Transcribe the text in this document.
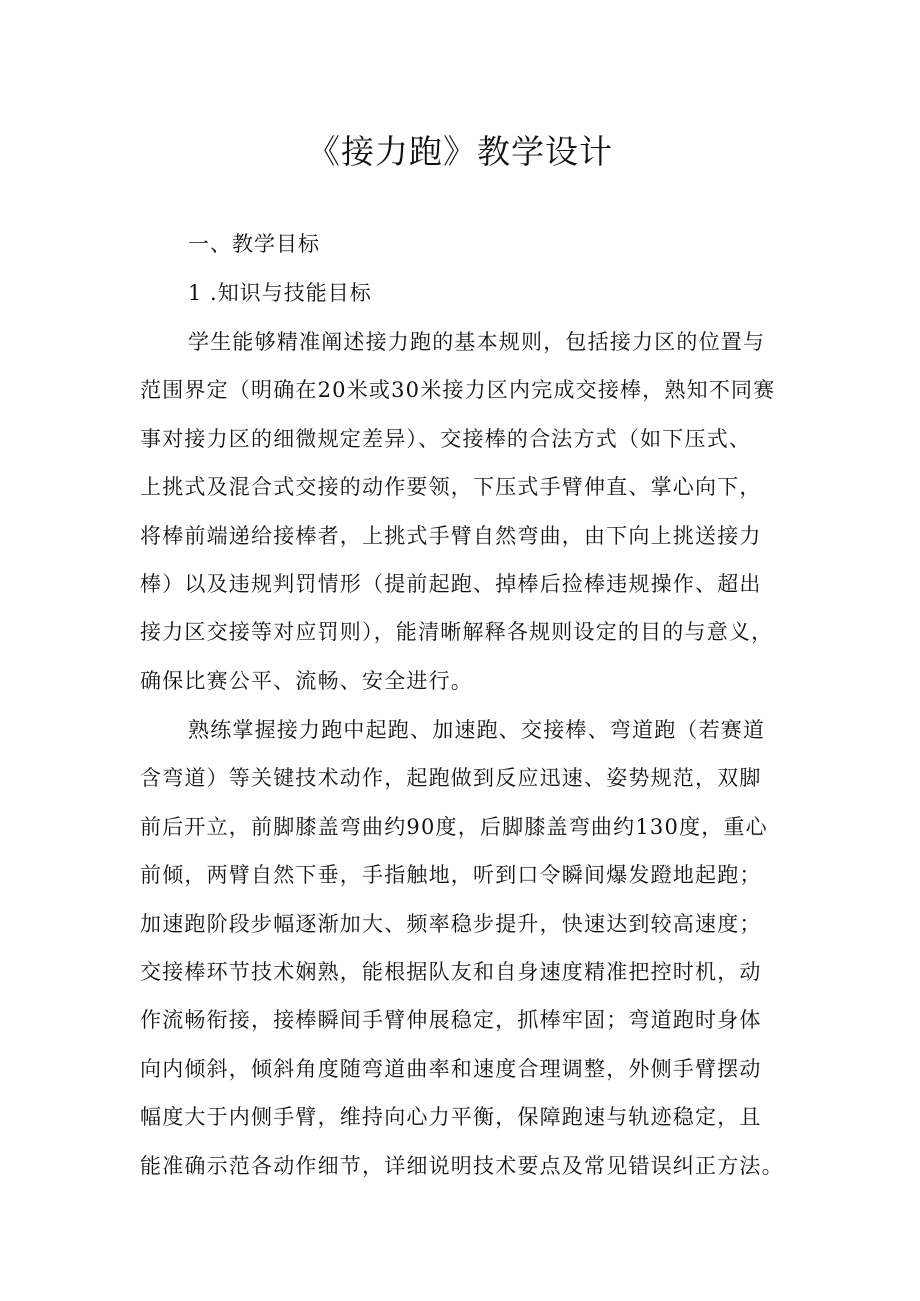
《接力跑》教学设计
一、教学目标
1 .知识与技能目标
学生能够精准阐述接力跑的基本规则，包括接力区的位置与
范围界定（明确在20米或30米接力区内完成交接棒，熟知不同赛
事对接力区的细微规定差异）、交接棒的合法方式（如下压式、
上挑式及混合式交接的动作要领，下压式手臂伸直、掌心向下，
将棒前端递给接棒者，上挑式手臂自然弯曲，由下向上挑送接力
棒）以及违规判罚情形（提前起跑、掉棒后捡棒违规操作、超出
接力区交接等对应罚则），能清晰解释各规则设定的目的与意义，
确保比赛公平、流畅、安全进行。
熟练掌握接力跑中起跑、加速跑、交接棒、弯道跑（若赛道
含弯道）等关键技术动作，起跑做到反应迅速、姿势规范，双脚
前后开立，前脚膝盖弯曲约90度，后脚膝盖弯曲约130度，重心
前倾，两臂自然下垂，手指触地，听到口令瞬间爆发蹬地起跑；
加速跑阶段步幅逐渐加大、频率稳步提升，快速达到较高速度；
交接棒环节技术娴熟，能根据队友和自身速度精准把控时机，动
作流畅衔接，接棒瞬间手臂伸展稳定，抓棒牢固；弯道跑时身体
向内倾斜，倾斜角度随弯道曲率和速度合理调整，外侧手臂摆动
幅度大于内侧手臂，维持向心力平衡，保障跑速与轨迹稳定，且
能准确示范各动作细节，详细说明技术要点及常见错误纠正方法。
